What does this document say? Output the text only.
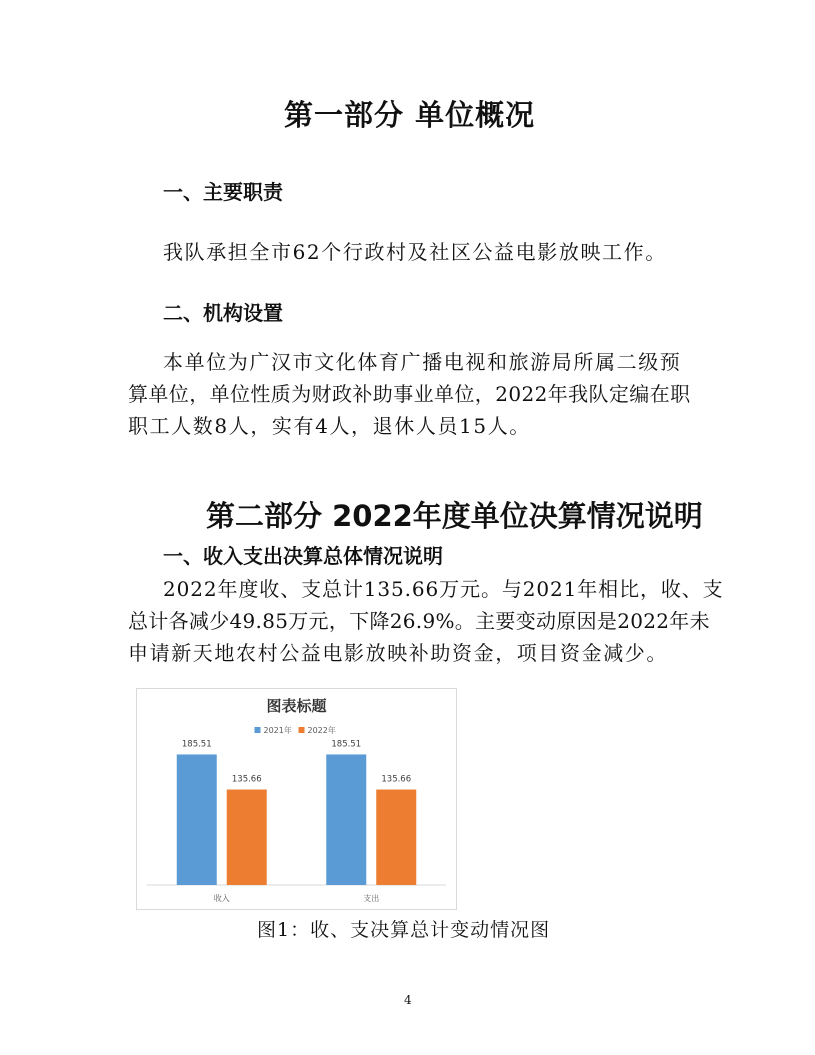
第一部分 单位概况
一、主要职责
我队承担全市62个行政村及社区公益电影放映工作。
二、机构设置
本单位为广汉市文化体育广播电视和旅游局所属二级预
算单位，单位性质为财政补助事业单位，2022年我队定编在职
职工人数8人，实有4人，退休人员15人。
第二部分 2022年度单位决算情况说明
一、收入支出决算总体情况说明
2022年度收、支总计135.66万元。与2021年相比，收、支
总计各减少49.85万元，下降26.9%。主要变动原因是2022年未
申请新天地农村公益电影放映补助资金，项目资金减少。
图表标题
2021年 2022年
185.51
135.66
收入
185.51
135.66
支出
图1：收、支决算总计变动情况图
4
